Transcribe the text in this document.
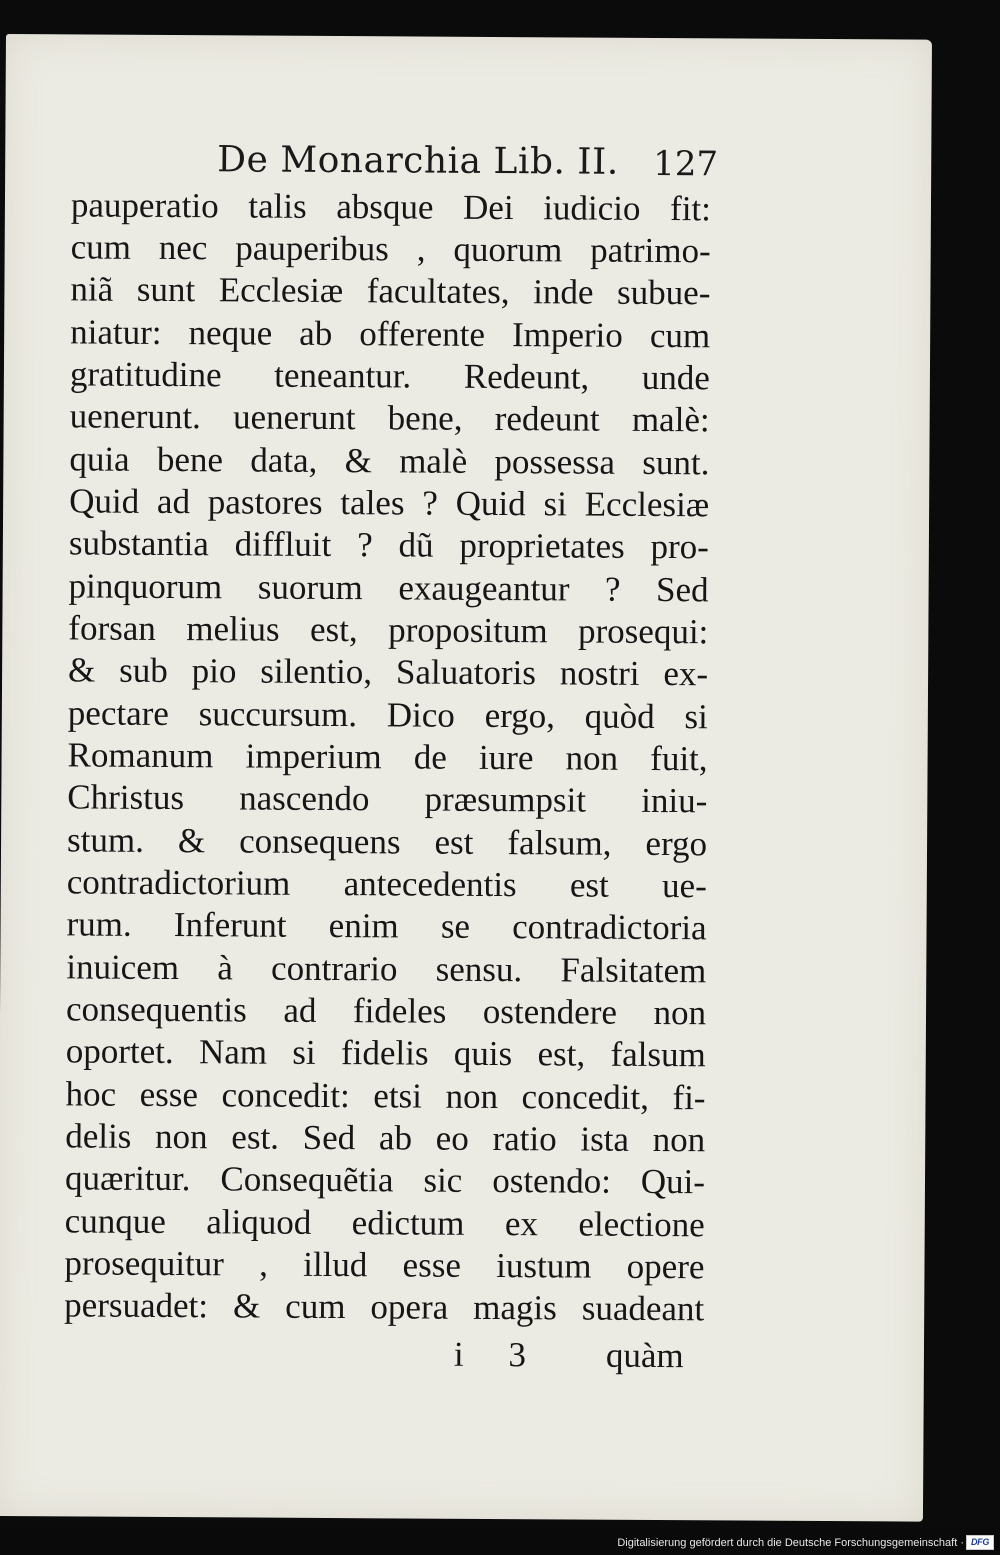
De Monarchia Lib. II. 127
pauperatio talis absque Dei iudicio fit:
cum nec pauperibus , quorum patrimo-
niã sunt Ecclesiæ facultates, inde subue-
niatur: neque ab offerente Imperio cum
gratitudine teneantur. Redeunt, unde
uenerunt. uenerunt bene, redeunt malè:
quia bene data, & malè possessa sunt.
Quid ad pastores tales ? Quid si Ecclesiæ
substantia diffluit ? dũ proprietates pro-
pinquorum suorum exaugeantur ? Sed
forsan melius est, propositum prosequi:
& sub pio silentio, Saluatoris nostri ex-
pectare succursum. Dico ergo, quòd si
Romanum imperium de iure non fuit,
Christus nascendo præsumpsit iniu-
stum. & consequens est falsum, ergo
contradictorium antecedentis est ue-
rum. Inferunt enim se contradictoria
inuicem à contrario sensu. Falsitatem
consequentis ad fideles ostendere non
oportet. Nam si fidelis quis est, falsum
hoc esse concedit: etsi non concedit, fi-
delis non est. Sed ab eo ratio ista non
quæritur. Consequẽtia sic ostendo: Qui-
cunque aliquod edictum ex electione
prosequitur , illud esse iustum opere
persuadet: & cum opera magis suadeant
i 3 quàm
Digitalisierung gefördert durch die Deutsche Forschungsgemeinschaft · DFG
